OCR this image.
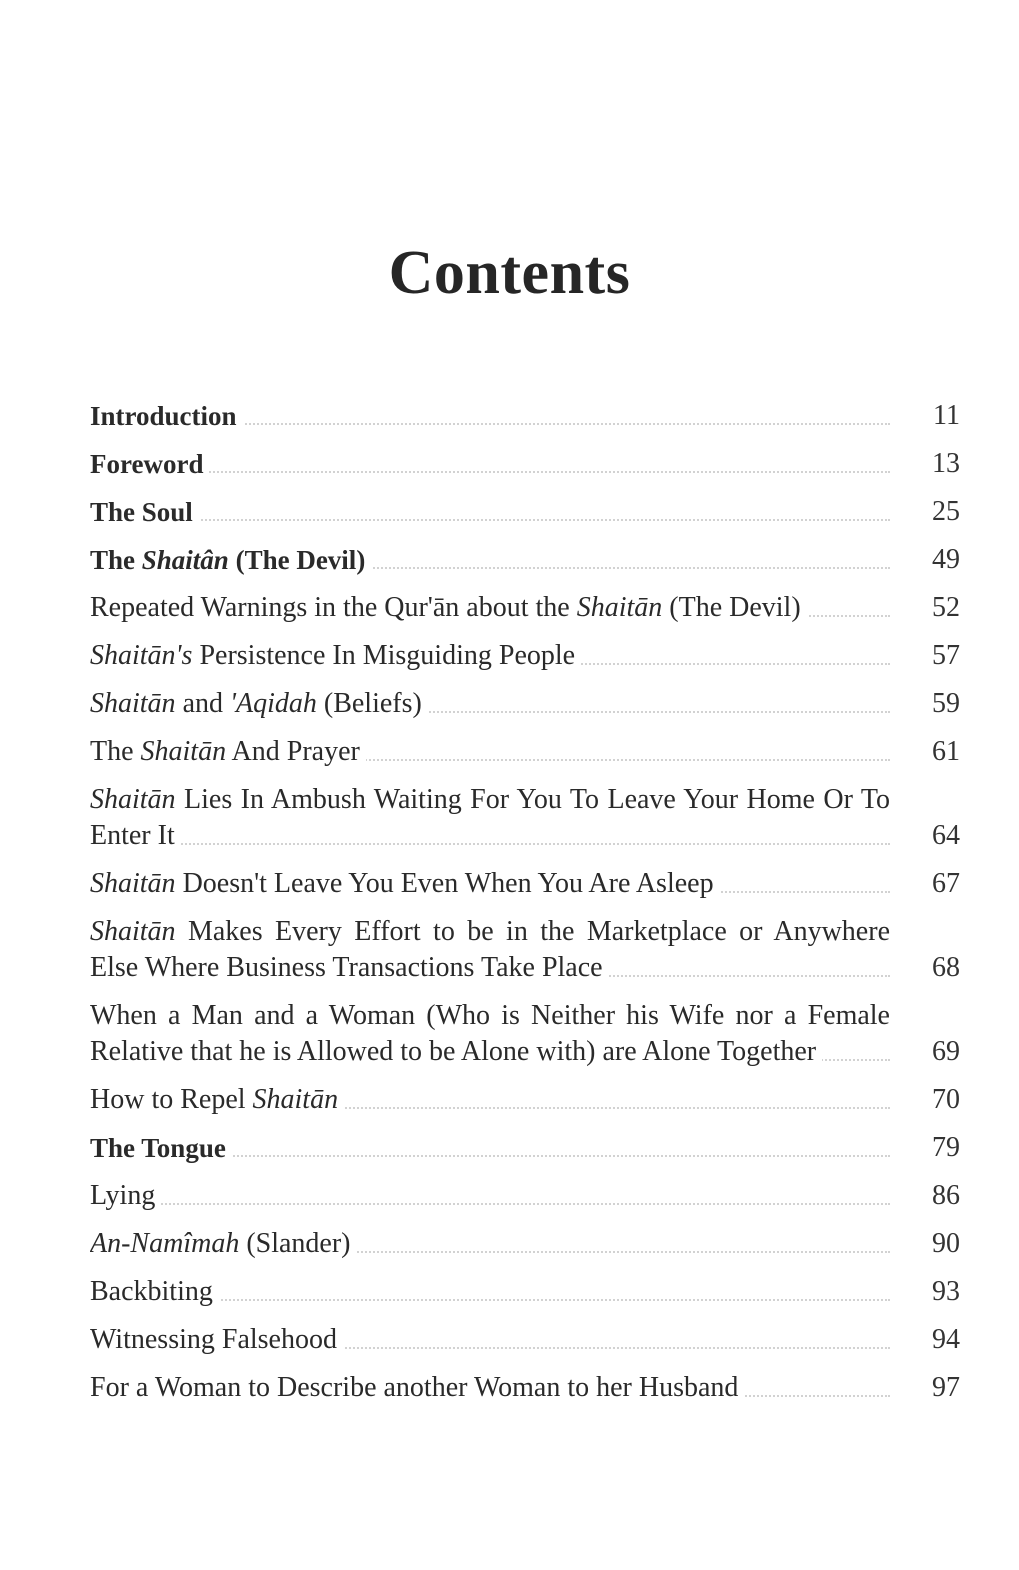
Contents
Introduction	11
Foreword	13
The Soul	25
The Shaitân (The Devil)	49
Repeated Warnings in the Qur'ān about the Shaitān (The Devil)	52
Shaitān's Persistence In Misguiding People	57
Shaitān and 'Aqidah (Beliefs)	59
The Shaitān And Prayer	61
Shaitān Lies In Ambush Waiting For You To Leave Your Home Or To Enter It	64
Shaitān Doesn't Leave You Even When You Are Asleep	67
Shaitān Makes Every Effort to be in the Marketplace or Anywhere Else Where Business Transactions Take Place	68
When a Man and a Woman (Who is Neither his Wife nor a Female Relative that he is Allowed to be Alone with) are Alone Together	69
How to Repel Shaitān	70
The Tongue	79
Lying	86
An-Namîmah (Slander)	90
Backbiting	93
Witnessing Falsehood	94
For a Woman to Describe another Woman to her Husband	97
